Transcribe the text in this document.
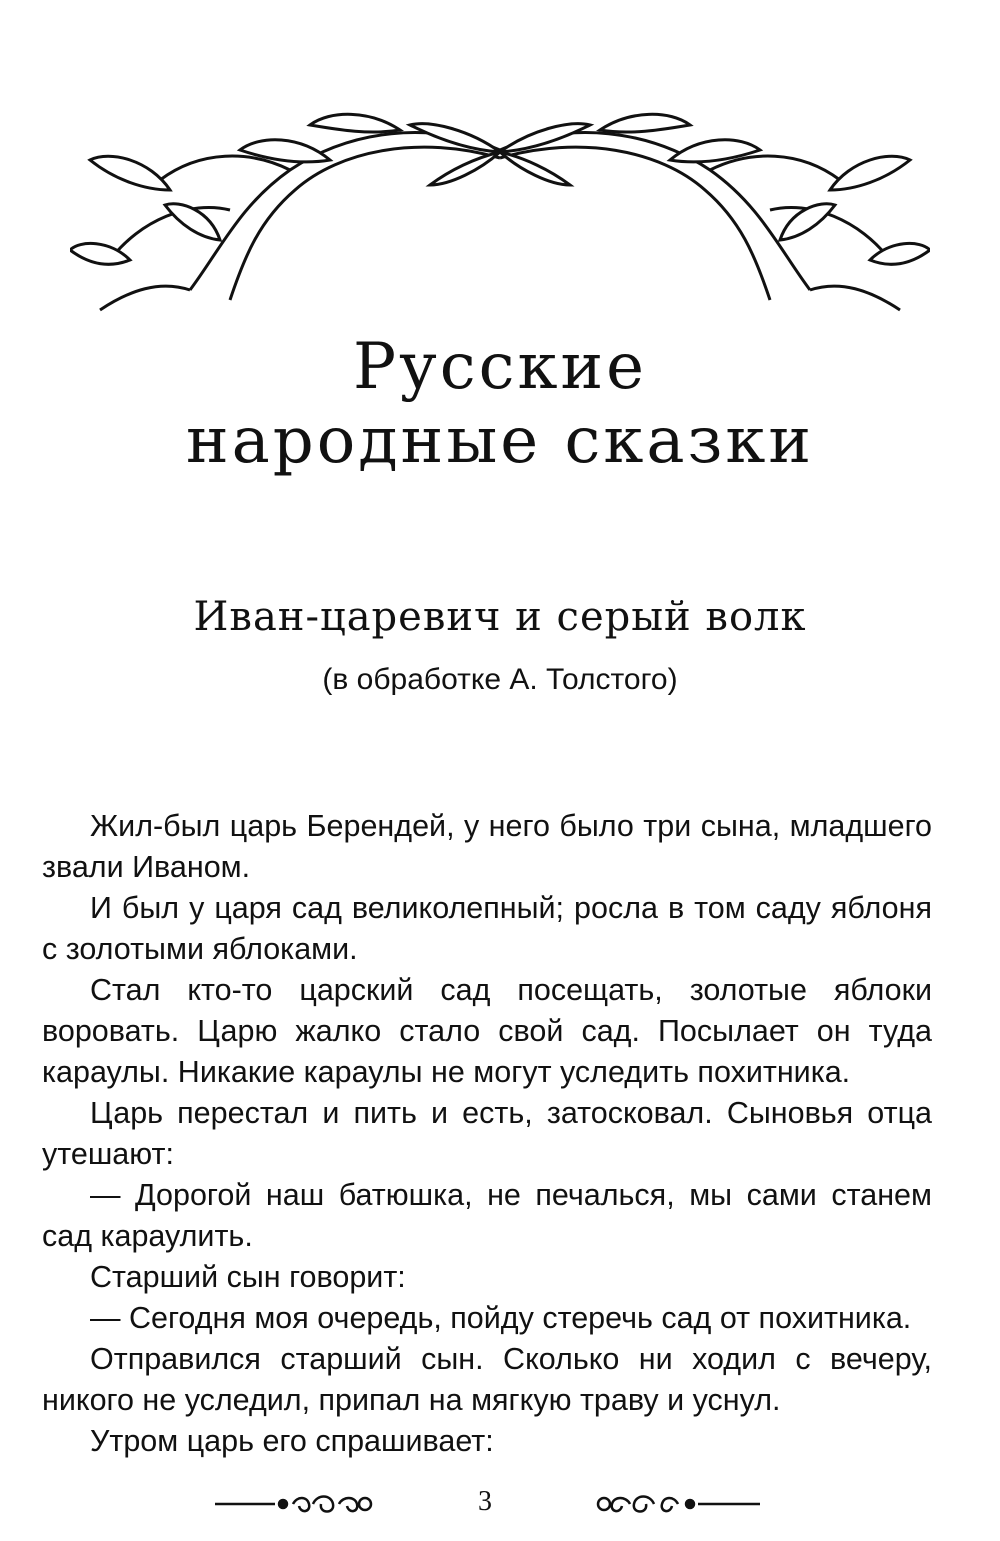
Русские
народные сказки
Иван-царевич и серый волк
(в обработке А. Толстого)

Жил-был царь Берендей, у него было три сына, младшего звали Иваном.

И был у царя сад великолепный; росла в том саду яблоня с золотыми яблоками.

Стал кто-то царский сад посещать, золотые яблоки воровать. Царю жалко стало свой сад. Посылает он туда караулы. Никакие караулы не могут уследить похитника.

Царь перестал и пить и есть, затосковал. Сыновья отца утешают:

— Дорогой наш батюшка, не печалься, мы сами станем сад караулить.

Старший сын говорит:

— Сегодня моя очередь, пойду стеречь сад от похитника.

Отправился старший сын. Сколько ни ходил с вечеру, никого не уследил, припал на мягкую траву и уснул.

Утром царь его спрашивает:

3
